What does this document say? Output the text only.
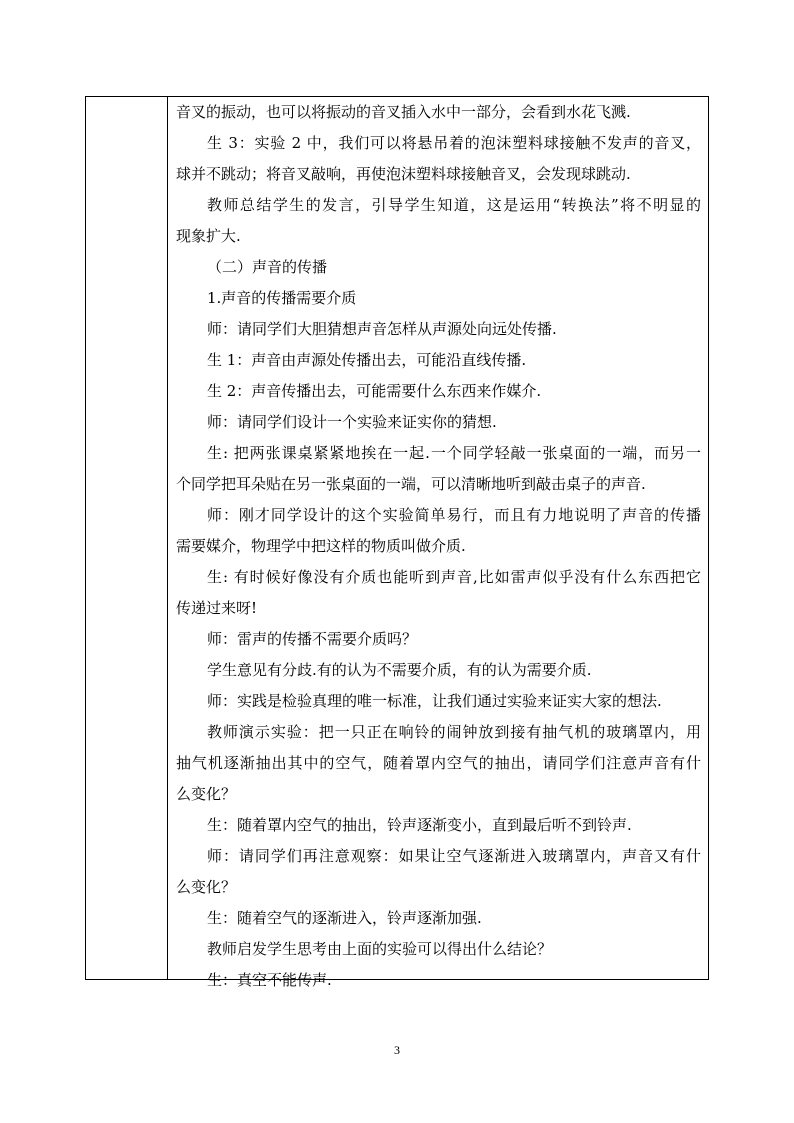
音叉的振动，也可以将振动的音叉插入水中一部分，会看到水花飞溅.
生 3：实验 2 中，我们可以将悬吊着的泡沫塑料球接触不发声的音叉，
球并不跳动；将音叉敲响，再使泡沫塑料球接触音叉，会发现球跳动.
教师总结学生的发言，引导学生知道，这是运用“转换法”将不明显的
现象扩大.
（二）声音的传播
1.声音的传播需要介质
师：请同学们大胆猜想声音怎样从声源处向远处传播.
生 1：声音由声源处传播出去，可能沿直线传播.
生 2：声音传播出去，可能需要什么东西来作媒介.
师：请同学们设计一个实验来证实你的猜想.
生: 把两张课桌紧紧地挨在一起.一个同学轻敲一张桌面的一端，而另一
个同学把耳朵贴在另一张桌面的一端，可以清晰地听到敲击桌子的声音.
师：刚才同学设计的这个实验简单易行，而且有力地说明了声音的传播
需要媒介，物理学中把这样的物质叫做介质.
生: 有时候好像没有介质也能听到声音,比如雷声似乎没有什么东西把它
传递过来呀!
师：雷声的传播不需要介质吗？
学生意见有分歧.有的认为不需要介质，有的认为需要介质.
师：实践是检验真理的唯一标准，让我们通过实验来证实大家的想法.
教师演示实验：把一只正在响铃的闹钟放到接有抽气机的玻璃罩内，用
抽气机逐渐抽出其中的空气，随着罩内空气的抽出，请同学们注意声音有什
么变化？
生：随着罩内空气的抽出，铃声逐渐变小，直到最后听不到铃声.
师：请同学们再注意观察：如果让空气逐渐进入玻璃罩内，声音又有什
么变化？
生：随着空气的逐渐进入，铃声逐渐加强.
教师启发学生思考由上面的实验可以得出什么结论？
生：真空不能传声.
3
